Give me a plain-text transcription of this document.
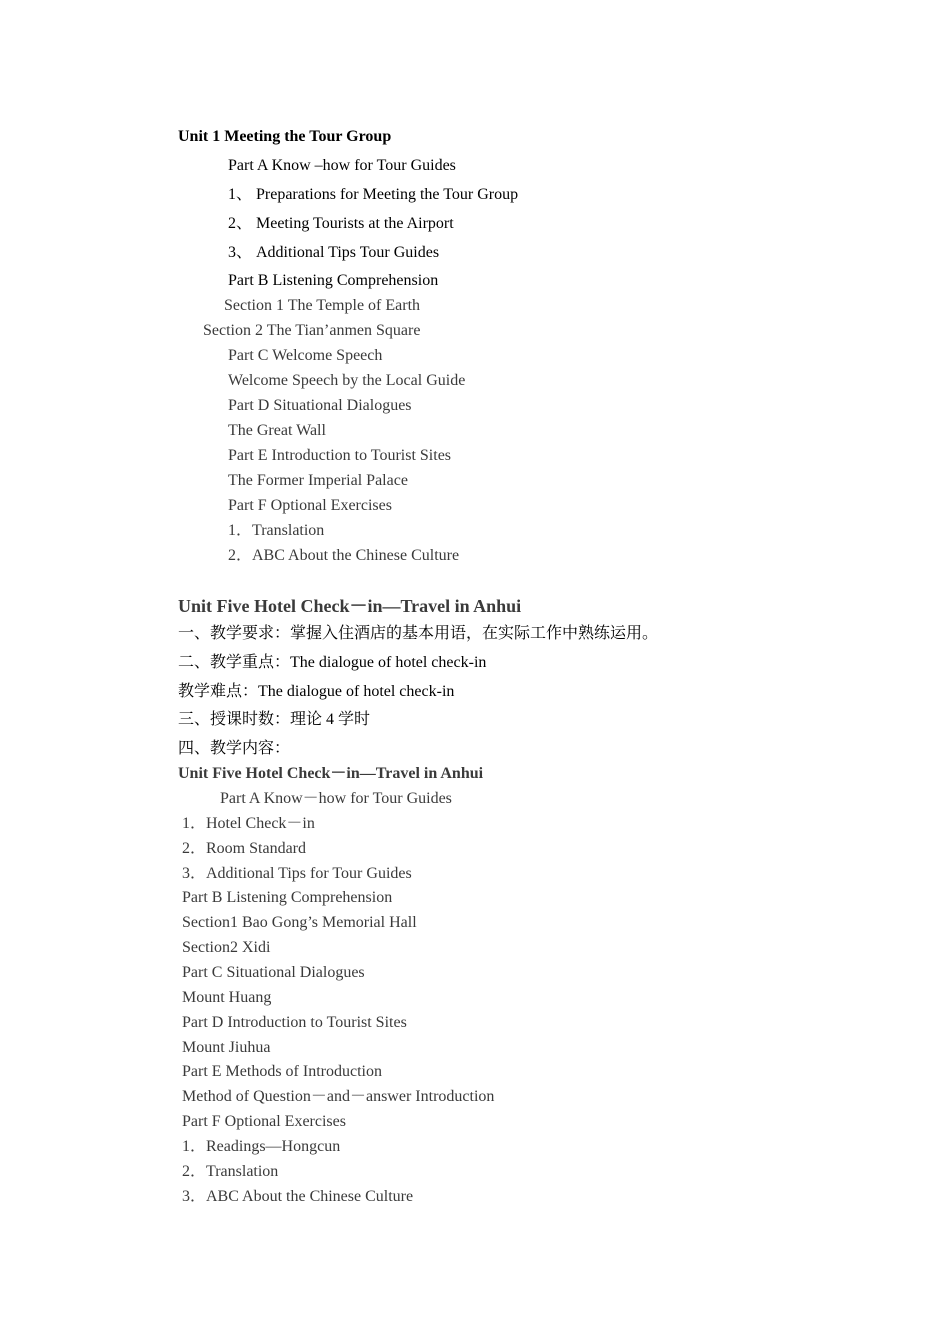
Unit 1 Meeting the Tour Group
Part A Know –how for Tour Guides
1、 Preparations for Meeting the Tour Group
2、 Meeting Tourists at the Airport
3、 Additional Tips Tour Guides
Part B Listening Comprehension
Section 1 The Temple of Earth
Section 2 The Tian’anmen Square
Part C Welcome Speech
Welcome Speech by the Local Guide
Part D Situational Dialogues
The Great Wall
Part E Introduction to Tourist Sites
The Former Imperial Palace
Part F Optional Exercises
1．Translation
2．ABC About the Chinese Culture
Unit Five Hotel Check－in—Travel in Anhui
一、教学要求：掌握入住酒店的基本用语，在实际工作中熟练运用。
二、教学重点：The dialogue of hotel check-in
教学难点：The dialogue of hotel check-in
三、授课时数：理论 4 学时
四、教学内容：
Unit Five Hotel Check－in—Travel in Anhui
Part A Know－how for Tour Guides
1．Hotel Check－in
2．Room Standard
3．Additional Tips for Tour Guides
Part B Listening Comprehension
Section1 Bao Gong’s Memorial Hall
Section2 Xidi
Part C Situational Dialogues
Mount Huang
Part D Introduction to Tourist Sites
Mount Jiuhua
Part E Methods of Introduction
Method of Question－and－answer Introduction
Part F Optional Exercises
1．Readings—Hongcun
2．Translation
3．ABC About the Chinese Culture
